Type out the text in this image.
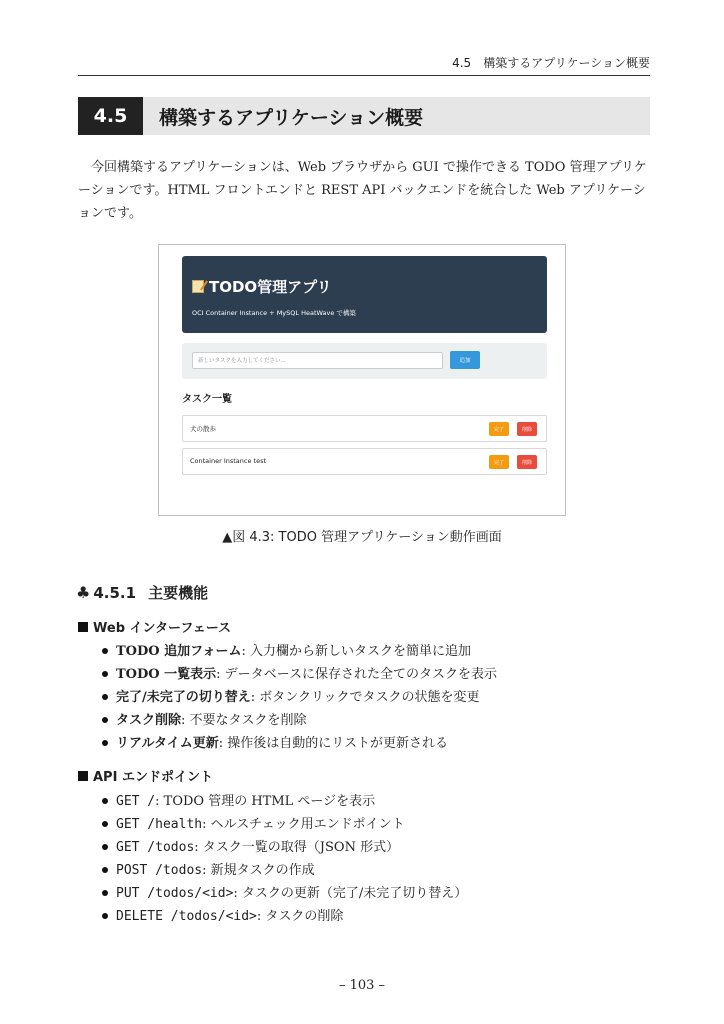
4.5　構築するアプリケーション概要
4.5	構築するアプリケーション概要

今回構築するアプリケーションは、Web ブラウザから GUI で操作できる TODO 管理アプリケーションです。HTML フロントエンドと REST API バックエンドを統合した Web アプリケーションです。

TODO管理アプリ
OCI Container Instance + MySQL HeatWave で構築
新しいタスクを入力してください...
追加
タスク一覧
犬の散歩	完了	削除
Container Instance test	完了	削除
▲図 4.3: TODO 管理アプリケーション動作画面
♣ 4.5.1 主要機能
Web インターフェース
TODO 追加フォーム: 入力欄から新しいタスクを簡単に追加
TODO 一覧表示: データベースに保存された全てのタスクを表示
完了/未完了の切り替え: ボタンクリックでタスクの状態を変更
タスク削除: 不要なタスクを削除
リアルタイム更新: 操作後は自動的にリストが更新される
API エンドポイント
GET /: TODO 管理の HTML ページを表示
GET /health: ヘルスチェック用エンドポイント
GET /todos: タスク一覧の取得（JSON 形式）
POST /todos: 新規タスクの作成
PUT /todos/<id>: タスクの更新（完了/未完了切り替え）
DELETE /todos/<id>: タスクの削除
– 103 –
